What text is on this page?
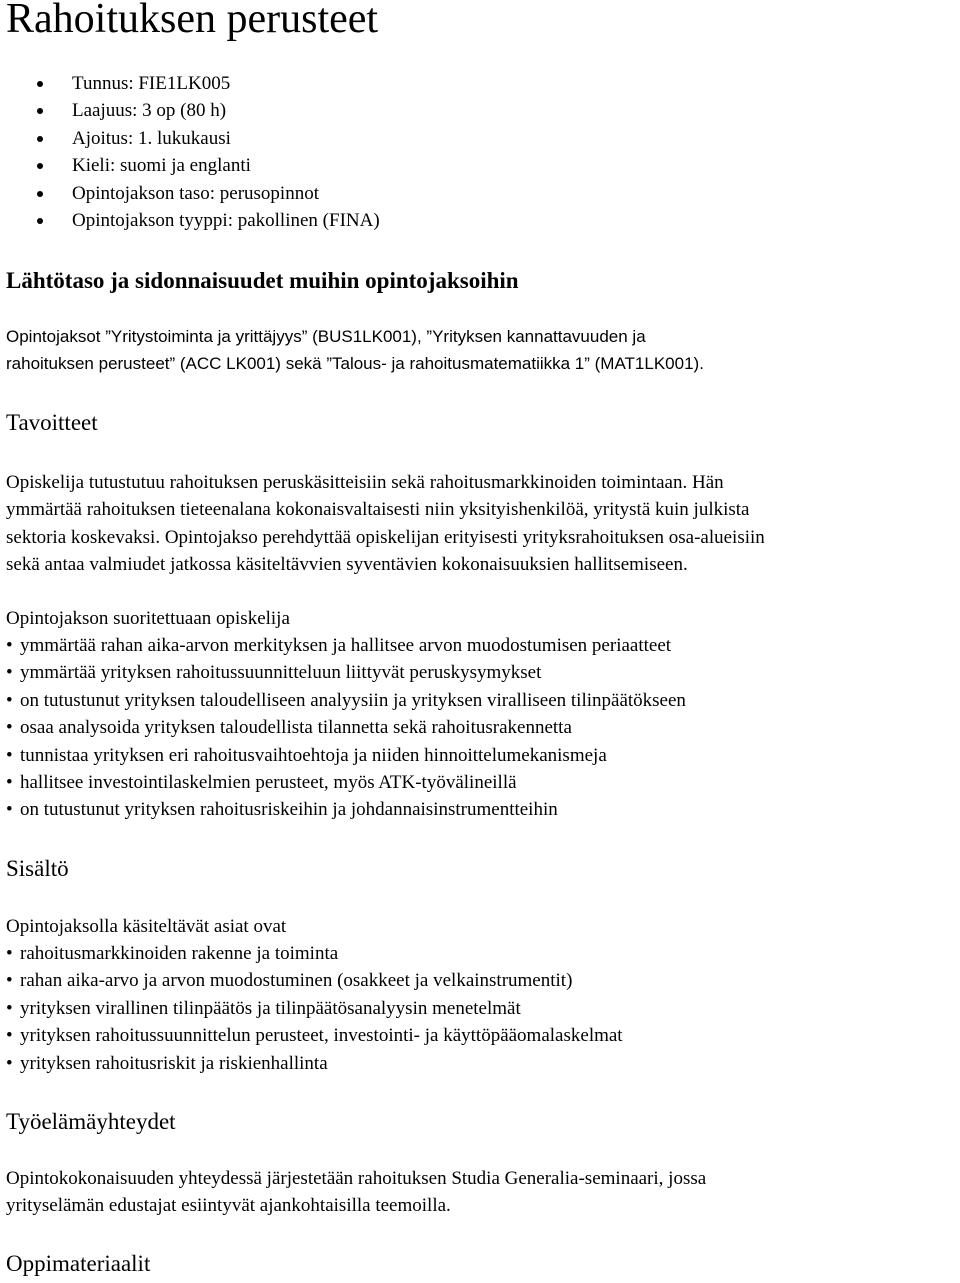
Rahoituksen perusteet
Tunnus: FIE1LK005
Laajuus: 3 op (80 h)
Ajoitus: 1. lukukausi
Kieli: suomi ja englanti
Opintojakson taso: perusopinnot
Opintojakson tyyppi: pakollinen (FINA)
Lähtötaso ja sidonnaisuudet muihin opintojaksoihin
Opintojaksot ”Yritystoiminta ja yrittäjyys” (BUS1LK001), ”Yrityksen kannattavuuden ja
rahoituksen perusteet” (ACC LK001) sekä ”Talous- ja rahoitusmatematiikka 1” (MAT1LK001).
Tavoitteet
Opiskelija tutustutuu rahoituksen peruskäsitteisiin sekä rahoitusmarkkinoiden toimintaan. Hän
ymmärtää rahoituksen tieteenalana kokonaisvaltaisesti niin yksityishenkilöä, yritystä kuin julkista
sektoria koskevaksi. Opintojakso perehdyttää opiskelijan erityisesti yrityksrahoituksen osa-alueisiin
sekä antaa valmiudet jatkossa käsiteltävvien syventävien kokonaisuuksien hallitsemiseen.
Opintojakson suoritettuaan opiskelija
• ymmärtää rahan aika-arvon merkityksen ja hallitsee arvon muodostumisen periaatteet
• ymmärtää yrityksen rahoitussuunnitteluun liittyvät peruskysymykset
• on tutustunut yrityksen taloudelliseen analyysiin ja yrityksen viralliseen tilinpäätökseen
• osaa analysoida yrityksen taloudellista tilannetta sekä rahoitusrakennetta
• tunnistaa yrityksen eri rahoitusvaihtoehtoja ja niiden hinnoittelumekanismeja
• hallitsee investointilaskelmien perusteet, myös ATK-työvälineillä
• on tutustunut yrityksen rahoitusriskeihin ja johdannaisinstrumentteihin
Sisältö
Opintojaksolla käsiteltävät asiat ovat
• rahoitusmarkkinoiden rakenne ja toiminta
• rahan aika-arvo ja arvon muodostuminen (osakkeet ja velkainstrumentit)
• yrityksen virallinen tilinpäätös ja tilinpäätösanalyysin menetelmät
• yrityksen rahoitussuunnittelun perusteet, investointi- ja käyttöpääomalaskelmat
• yrityksen rahoitusriskit ja riskienhallinta
Työelämäyhteydet
Opintokokonaisuuden yhteydessä järjestetään rahoituksen Studia Generalia-seminaari, jossa
yrityselämän edustajat esiintyvät ajankohtaisilla teemoilla.
Oppimateriaalit
